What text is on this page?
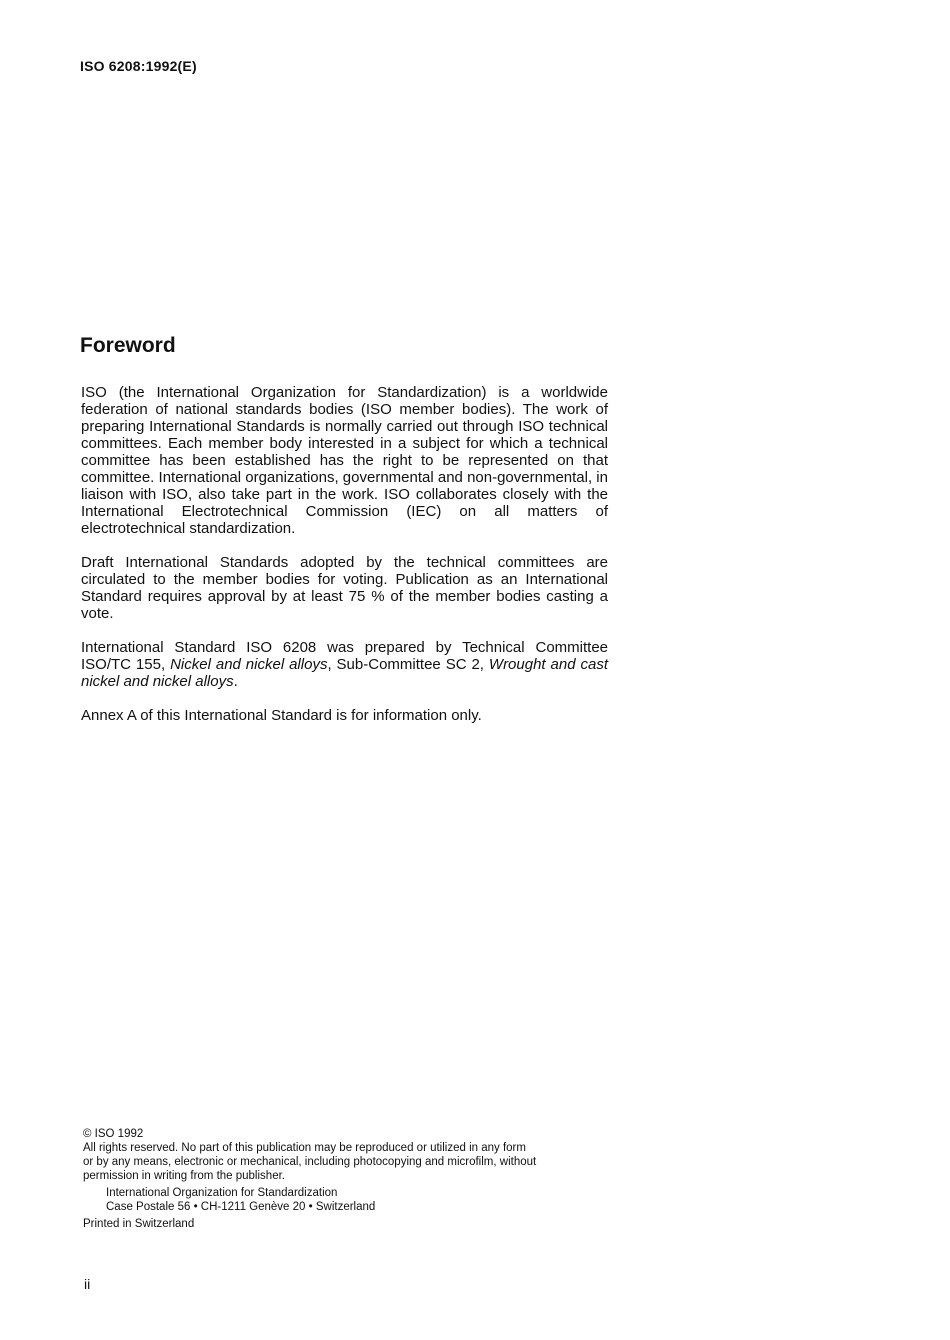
ISO 6208:1992(E)
Foreword

ISO (the International Organization for Standardization) is a worldwide federation of national standards bodies (ISO member bodies). The work of preparing International Standards is normally carried out through ISO technical committees. Each member body interested in a subject for which a technical committee has been established has the right to be represented on that committee. International organizations, governmental and non-governmental, in liaison with ISO, also take part in the work. ISO collaborates closely with the International Electrotechnical Commission (IEC) on all matters of electrotechnical standardization.

Draft International Standards adopted by the technical committees are circulated to the member bodies for voting. Publication as an International Standard requires approval by at least 75 % of the member bodies casting a vote.

International Standard ISO 6208 was prepared by Technical Committee ISO/TC 155, Nickel and nickel alloys, Sub-Committee SC 2, Wrought and cast nickel and nickel alloys.

Annex A of this International Standard is for information only.

© ISO 1992
All rights reserved. No part of this publication may be reproduced or utilized in any form
or by any means, electronic or mechanical, including photocopying and microfilm, without
permission in writing from the publisher.
International Organization for Standardization
Case Postale 56 • CH-1211 Genève 20 • Switzerland
Printed in Switzerland
ii
